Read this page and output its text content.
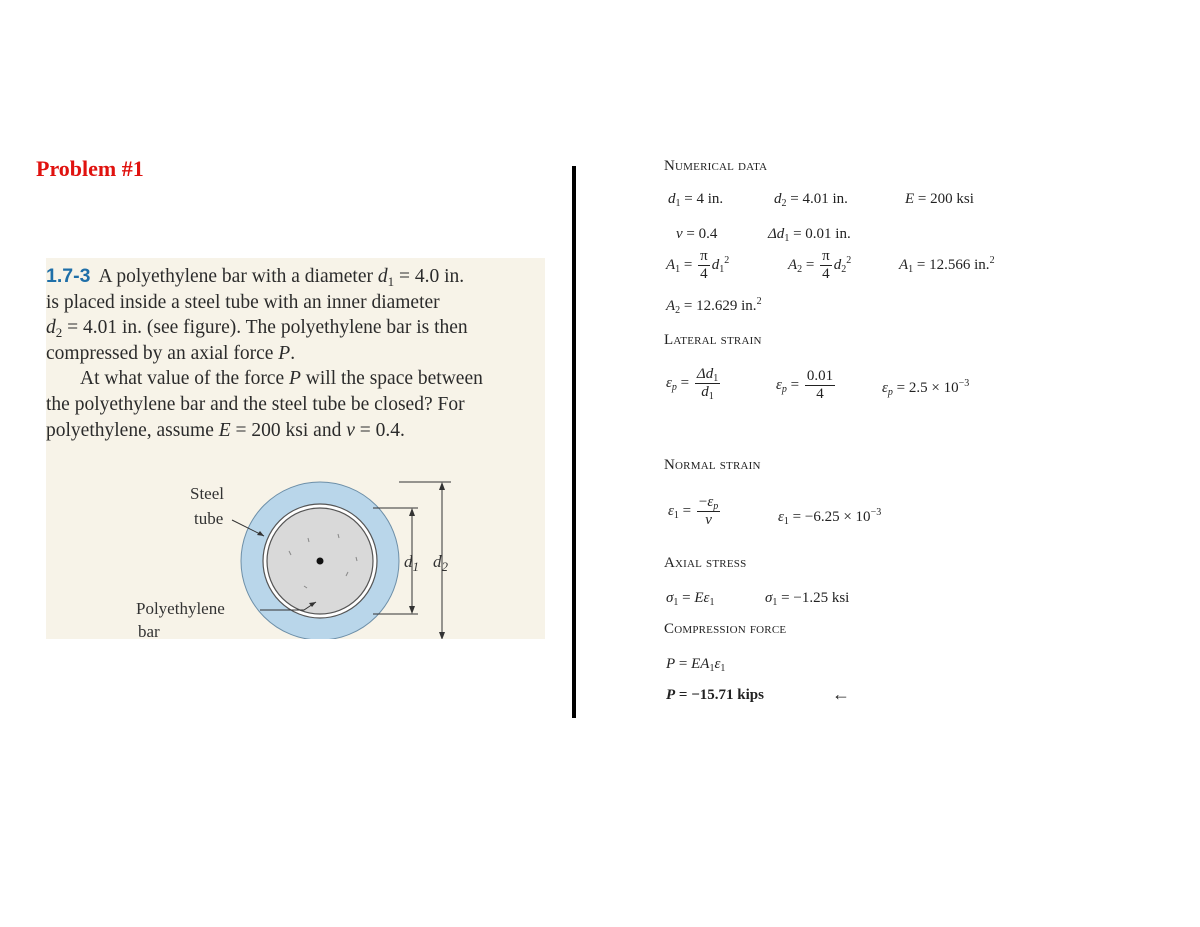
Problem #1
1.7-3 A polyethylene bar with a diameter $d_1 = 4.0$ in.
is placed inside a steel tube with an inner diameter
$d_2 = 4.01$ in. (see figure). The polyethylene bar is then
compressed by an axial force P.
At what value of the force P will the space between
the polyethylene bar and the steel tube be closed? For
polyethylene, assume E = 200 ksi and ν = 0.4.
Steel
tube
Polyethylene
bar
$d_1$ $d_2$
Numerical data
$d_1 = 4$ in.	$d_2 = 4.01$ in.	E = 200 ksi
ν = 0.4	$\Delta d_1 = 0.01$ in.
$A_1 = \frac{\pi}{4} d_1^2$	$A_2 = \frac{\pi}{4} d_2^2$	$A_1 = 12.566$ in.$^2$
$A_2 = 12.629$ in.$^2$
Lateral strain
$\varepsilon_p = \frac{\Delta d_1}{d_1}$	$\varepsilon_p = \frac{0.01}{4}$	$\varepsilon_p = 2.5 \times 10^{-3}$
Normal strain
$\varepsilon_1 = \frac{-\varepsilon_p}{\nu}$	$\varepsilon_1 = -6.25 \times 10^{-3}$
Axial stress
$\sigma_1 = E\varepsilon_1$	$\sigma_1 = -1.25$ ksi
Compression force
$P = EA_1\varepsilon_1$
P = −15.71 kips	←
